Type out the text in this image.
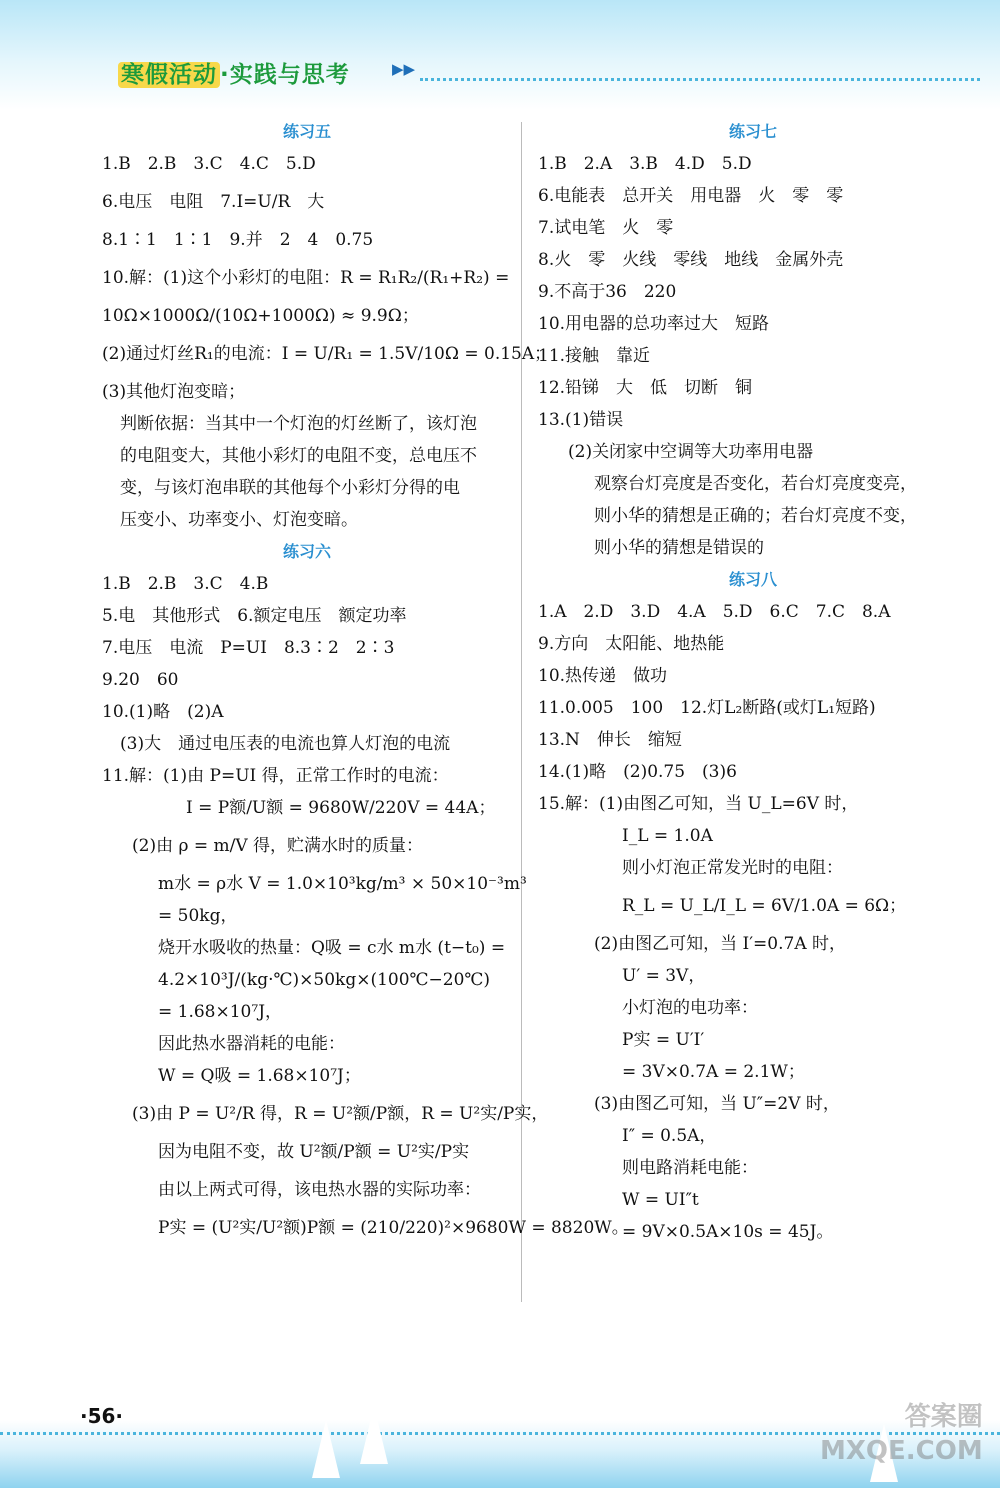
寒假活动 ·实践与思考	▶▶

练习五

1.B　2.B　3.C　4.C　5.D

6.电压　电阻　7.I=U/R　大

8.1∶1　1∶1　9.并　2　4　0.75

10.解：(1)这个小彩灯的电阻：R = R₁R₂/(R₁+R₂) =

10Ω×1000Ω/(10Ω+1000Ω) ≈ 9.9Ω；

(2)通过灯丝R₁的电流：I = U/R₁ = 1.5V/10Ω = 0.15A；

(3)其他灯泡变暗；

判断依据：当其中一个灯泡的灯丝断了，该灯泡

的电阻变大，其他小彩灯的电阻不变，总电压不

变，与该灯泡串联的其他每个小彩灯分得的电

压变小、功率变小、灯泡变暗。

练习六

1.B　2.B　3.C　4.B

5.电　其他形式　6.额定电压　额定功率

7.电压　电流　P=UI　8.3∶2　2∶3

9.20　60

10.(1)略　(2)A

(3)大　通过电压表的电流也算人灯泡的电流

11.解：(1)由 P=UI 得，正常工作时的电流：

I = P额/U额 = 9680W/220V = 44A；

(2)由 ρ = m/V 得，贮满水时的质量：

m水 = ρ水 V = 1.0×10³kg/m³ × 50×10⁻³m³

= 50kg，

烧开水吸收的热量：Q吸 = c水 m水 (t−t₀) =

4.2×10³J/(kg·℃)×50kg×(100℃−20℃)

= 1.68×10⁷J，

因此热水器消耗的电能：

W = Q吸 = 1.68×10⁷J；

(3)由 P = U²/R 得，R = U²额/P额，R = U²实/P实，

因为电阻不变，故 U²额/P额 = U²实/P实

由以上两式可得，该电热水器的实际功率：

P实 = (U²实/U²额)P额 = (210/220)²×9680W = 8820W。

练习七

1.B　2.A　3.B　4.D　5.D

6.电能表　总开关　用电器　火　零　零

7.试电笔　火　零

8.火　零　火线　零线　地线　金属外壳

9.不高于36　220

10.用电器的总功率过大　短路

11.接触　靠近

12.铅锑　大　低　切断　铜

13.(1)错误

(2)关闭家中空调等大功率用电器

观察台灯亮度是否变化，若台灯亮度变亮，

则小华的猜想是正确的；若台灯亮度不变，

则小华的猜想是错误的

练习八

1.A　2.D　3.D　4.A　5.D　6.C　7.C　8.A

9.方向　太阳能、地热能

10.热传递　做功

11.0.005　100　12.灯L₂断路(或灯L₁短路)

13.N　伸长　缩短

14.(1)略　(2)0.75　(3)6

15.解：(1)由图乙可知，当 U_L=6V 时，

I_L = 1.0A

则小灯泡正常发光时的电阻：

R_L = U_L/I_L = 6V/1.0A = 6Ω；

(2)由图乙可知，当 I′=0.7A 时，

U′ = 3V，

小灯泡的电功率：

P实 = U′I′

= 3V×0.7A = 2.1W；

(3)由图乙可知，当 U″=2V 时，

I″ = 0.5A，

则电路消耗电能：

W = UI″t

= 9V×0.5A×10s = 45J。

·56·	答案圈
MXQE.COM
